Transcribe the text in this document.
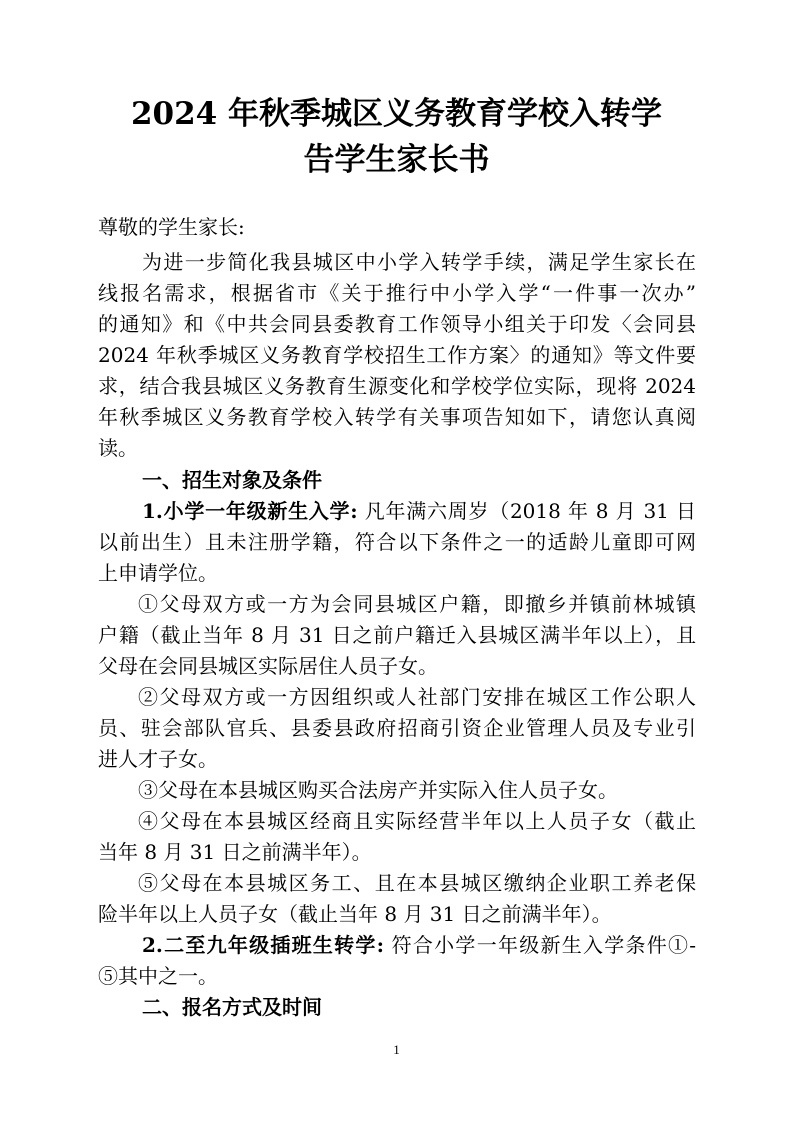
2024 年秋季城区义务教育学校入转学
告学生家长书

尊敬的学生家长:

为进一步简化我县城区中小学入转学手续，满足学生家长在

线报名需求，根据省市《关于推行中小学入学“一件事一次办”

的通知》和《中共会同县委教育工作领导小组关于印发〈会同县

2024 年秋季城区义务教育学校招生工作方案〉的通知》等文件要

求，结合我县城区义务教育生源变化和学校学位实际，现将 2024

年秋季城区义务教育学校入转学有关事项告知如下，请您认真阅

读。

一、招生对象及条件

1.小学一年级新生入学: 凡年满六周岁（2018 年 8 月 31 日

以前出生）且未注册学籍，符合以下条件之一的适龄儿童即可网

上申请学位。

①父母双方或一方为会同县城区户籍，即撤乡并镇前林城镇

户籍（截止当年 8 月 31 日之前户籍迁入县城区满半年以上），且

父母在会同县城区实际居住人员子女。

②父母双方或一方因组织或人社部门安排在城区工作公职人

员、驻会部队官兵、县委县政府招商引资企业管理人员及专业引

进人才子女。

③父母在本县城区购买合法房产并实际入住人员子女。

④父母在本县城区经商且实际经营半年以上人员子女（截止

当年 8 月 31 日之前满半年）。

⑤父母在本县城区务工、且在本县城区缴纳企业职工养老保

险半年以上人员子女（截止当年 8 月 31 日之前满半年）。

2.二至九年级插班生转学: 符合小学一年级新生入学条件①-

⑤其中之一。

二、报名方式及时间

1
